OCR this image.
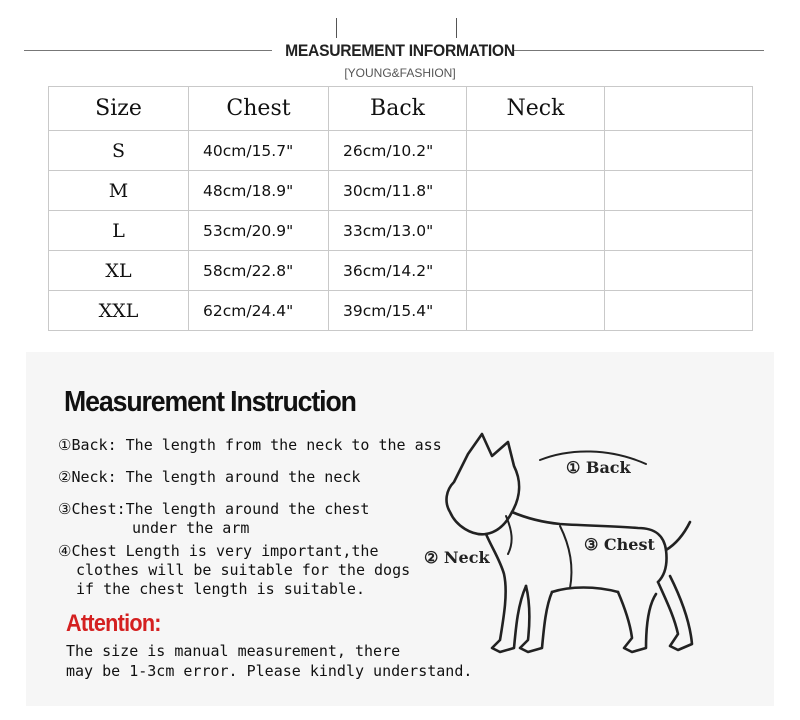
MEASUREMENT INFORMATION
[YOUNG&FASHION]
Size	Chest	Back	Neck	
S	40cm/15.7"	26cm/10.2"		
M	48cm/18.9"	30cm/11.8"		
L	53cm/20.9"	33cm/13.0"		
XL	58cm/22.8"	36cm/14.2"		
XXL	62cm/24.4"	39cm/15.4"		
Measurement Instruction
①Back: The length from the neck to the ass
②Neck: The length around the neck
③Chest:The length around the chest
under the arm
④Chest Length is very important,the
clothes will be suitable for the dogs
if the chest length is suitable.
Attention:
The size is manual measurement, there
may be 1-3cm error. Please kindly understand.
① Back
② Neck
③ Chest
